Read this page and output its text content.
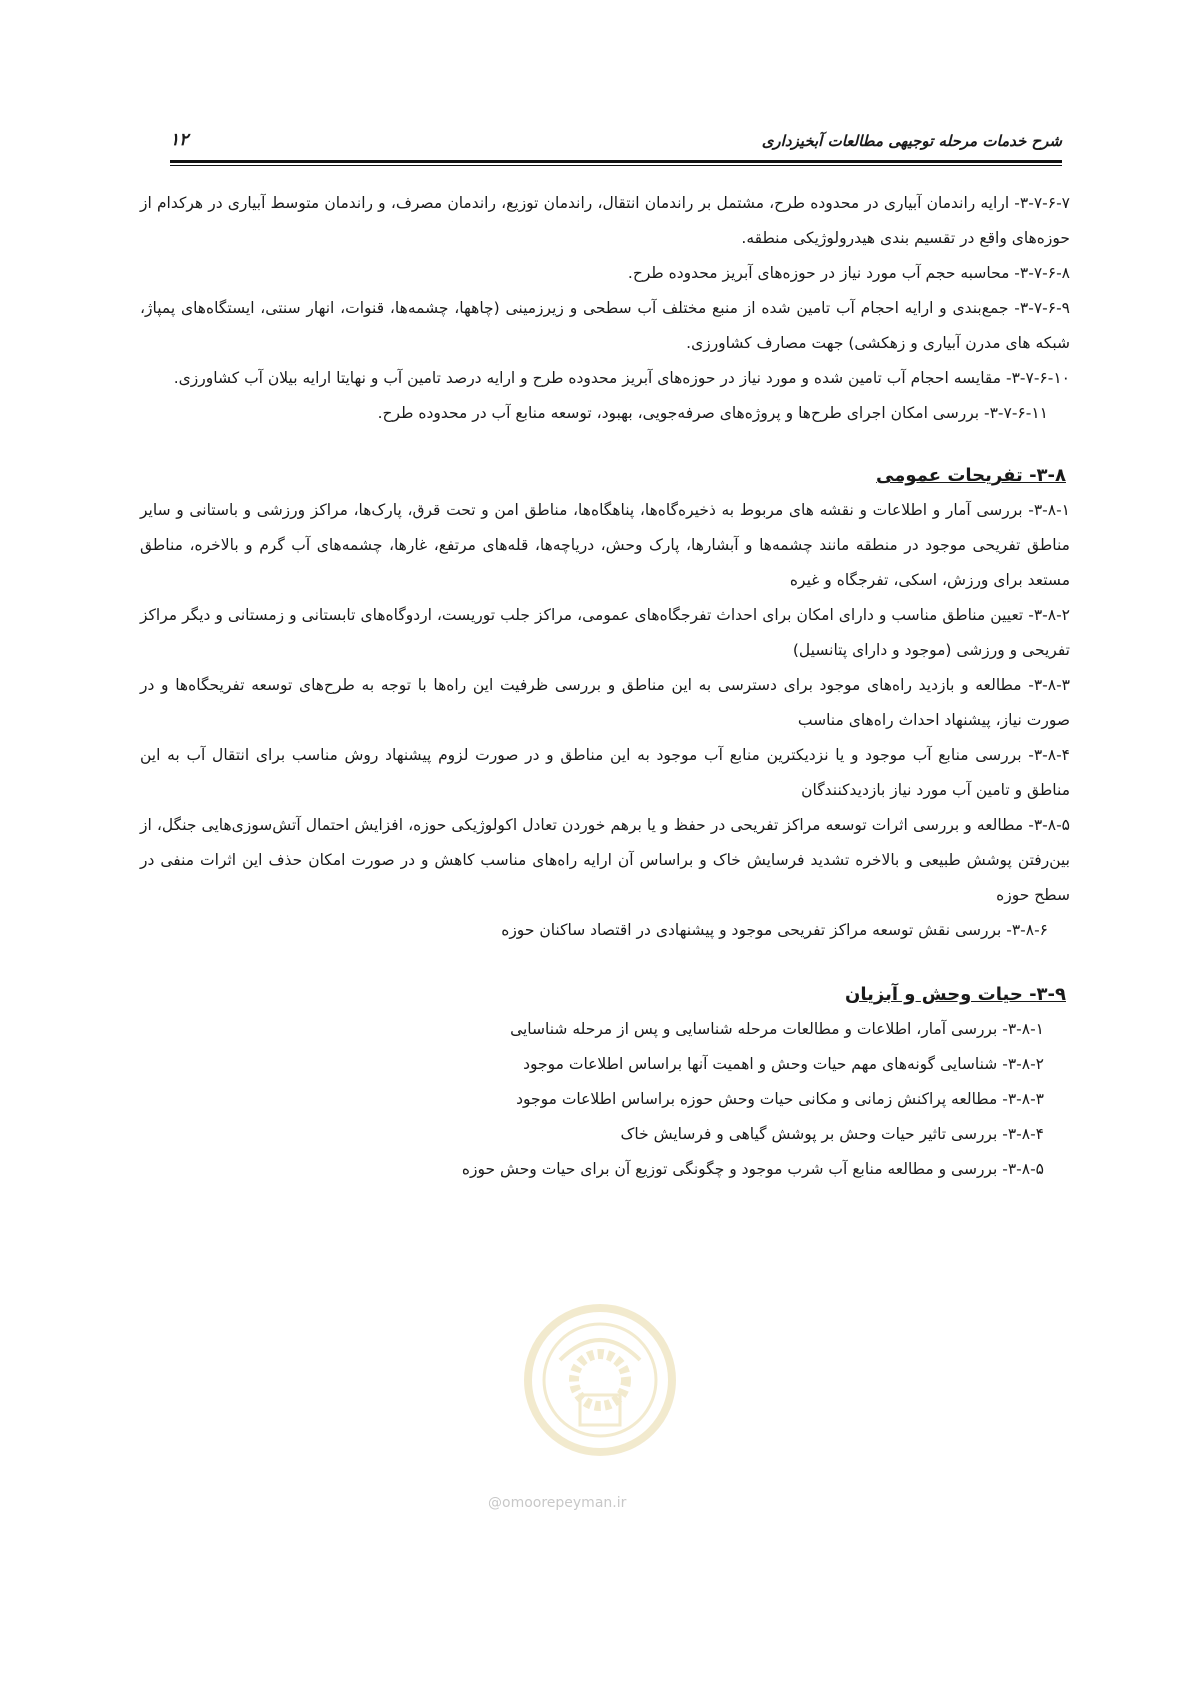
شرح خدمات مرحله توجیهی مطالعات آبخیزداری
۱۲

۳-۷-۶-۷- ارایه راندمان آبیاری در محدوده طرح، مشتمل بر راندمان انتقال، راندمان توزیع، راندمان مصرف، و راندمان متوسط آبیاری در هرکدام از حوزه‌های واقع در تقسیم بندی هیدرولوژیکی منطقه.

۳-۷-۶-۸- محاسبه حجم آب مورد نیاز در حوزه‌های آبریز محدوده طرح.

۳-۷-۶-۹- جمع‌بندی و ارایه احجام آب تامین شده از منبع مختلف آب سطحی و زیرزمینی (چاهها، چشمه‌ها، قنوات، انهار سنتی، ایستگاه‌های پمپاژ، شبکه های مدرن آبیاری و زهکشی) جهت مصارف کشاورزی.

۳-۷-۶-۱۰- مقایسه احجام آب تامین شده و مورد نیاز در حوزه‌های آبریز محدوده طرح و ارایه درصد تامین آب و نهایتا ارایه بیلان آب کشاورزی.

۳-۷-۶-۱۱- بررسی امکان اجرای طرح‌ها و پروژه‌های صرفه‌جویی، بهبود، توسعه منابع آب در محدوده طرح.

۳-۸- تفریحات عمومی

۳-۸-۱- بررسی آمار و اطلاعات و نقشه های مربوط به ذخیره‌گاه‌ها، پناهگاه‌ها، مناطق امن و تحت قرق، پارک‌ها، مراکز ورزشی و باستانی و سایر مناطق تفریحی موجود در منطقه مانند چشمه‌ها و آبشارها، پارک وحش، دریاچه‌ها، قله‌های مرتفع، غارها، چشمه‌های آب گرم و بالاخره، مناطق مستعد برای ورزش، اسکی، تفرجگاه و غیره

۳-۸-۲- تعیین مناطق مناسب و دارای امکان برای احداث تفرجگاه‌های عمومی، مراکز جلب توریست، اردوگاه‌های تابستانی و زمستانی و دیگر مراکز تفریحی و ورزشی (موجود و دارای پتانسیل)

۳-۸-۳- مطالعه و بازدید راه‌های موجود برای دسترسی به این مناطق و بررسی ظرفیت این راه‌ها با توجه به طرح‌های توسعه تفریحگاه‌ها و در صورت نیاز، پیشنهاد احداث راه‌های مناسب

۳-۸-۴- بررسی منابع آب موجود و یا نزدیکترین منابع آب موجود به این مناطق و در صورت لزوم پیشنهاد روش مناسب برای انتقال آب به این مناطق و تامین آب مورد نیاز بازدیدکنندگان

۳-۸-۵- مطالعه و بررسی اثرات توسعه مراکز تفریحی در حفظ و یا برهم خوردن تعادل اکولوژیکی حوزه، افزایش احتمال آتش‌سوزی‌هایی جنگل، از بین‌رفتن پوشش طبیعی و بالاخره تشدید فرسایش خاک و براساس آن ارایه راه‌های مناسب کاهش و در صورت امکان حذف این اثرات منفی در سطح حوزه

۳-۸-۶- بررسی نقش توسعه مراکز تفریحی موجود و پیشنهادی در اقتصاد ساکنان حوزه

۳-۹- حیات وحش و آبزیان

۳-۸-۱- بررسی آمار، اطلاعات و مطالعات مرحله شناسایی و پس از مرحله شناسایی

۳-۸-۲- شناسایی گونه‌های مهم حیات وحش و اهمیت آنها براساس اطلاعات موجود

۳-۸-۳- مطالعه پراکنش زمانی و مکانی حیات وحش حوزه براساس اطلاعات موجود

۳-۸-۴- بررسی تاثیر حیات وحش بر پوشش گیاهی و فرسایش خاک

۳-۸-۵- بررسی و مطالعه منابع آب شرب موجود و چگونگی توزیع آن برای حیات وحش حوزه

@omoorepeyman.ir
